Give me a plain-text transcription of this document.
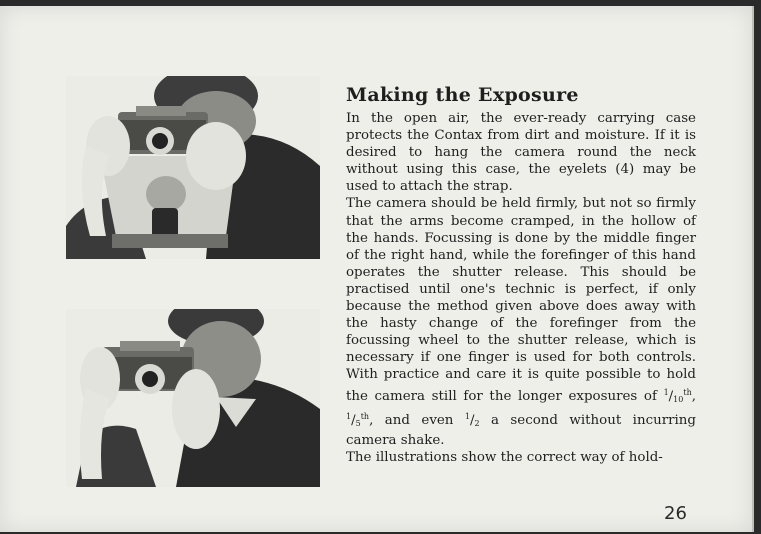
Making the Exposure

In the open air, the ever-ready carrying case protects the Contax from dirt and moisture. If it is desired to hang the camera round the neck without using this case, the eyelets (4) may be used to attach the strap.

The camera should be held firmly, but not so firmly that the arms become cramped, in the hollow of the hands. Focussing is done by the middle finger of the right hand, while the forefinger of this hand operates the shutter release. This should be practised until one's technic is perfect, if only because the method given above does away with the hasty change of the forefinger from the focussing wheel to the shutter release, which is necessary if one finger is used for both controls. With practice and care it is quite possible to hold the camera still for the longer exposures of $^1/_{10}^{th}$, $^1/_5^{th}$, and even $^1/_2$ a second without incurring camera shake.

The illustrations show the correct way of hold-

26
